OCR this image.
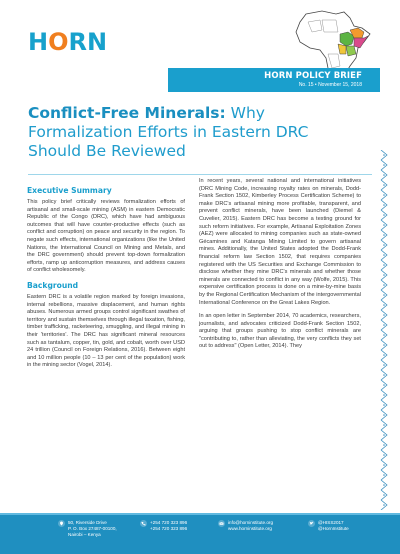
HORN
HORN POLICY BRIEF
No. 15 • November 15, 2018
Conflict-Free Minerals: Why
Formalization Efforts in Eastern DRC
Should Be Reviewed
Executive Summary

This policy brief critically reviews formalization efforts of artisanal and small-scale mining (ASM) in eastern Democratic Republic of the Congo (DRC), which have had ambiguous outcomes that will have counter-productive effects (such as conflict and corruption) on peace and security in the region. To negate such effects, international organizations (like the United Nations, the International Council on Mining and Metals, and the DRC government) should prevent top-down formalization efforts, ramp up anticorruption measures, and address causes of conflict wholesomely.

Background

Eastern DRC is a volatile region marked by foreign invasions, internal rebellions, massive displacement, and human rights abuses. Numerous armed groups control significant swathes of territory and sustain themselves through illegal taxation, fishing, timber trafficking, racketeering, smuggling, and illegal mining in their 'territories'. The DRC has significant mineral resources such as tantalum, copper, tin, gold, and cobalt, worth over USD 24 trillion (Council on Foreign Relations, 2016). Between eight and 10 million people (10 – 13 per cent of the population) work in the mining sector (Vogel, 2014).

In recent years, several national and international initiatives (DRC Mining Code, increasing royalty rates on minerals, Dodd-Frank Section 1502, Kimberley Process Certification Scheme) to make DRC's artisanal mining more profitable, transparent, and prevent conflict minerals, have been launched (Diemel & Cuvelier, 2015). Eastern DRC has become a testing ground for such reform initiatives. For example, Artisanal Exploitation Zones (AEZ) were allocated to mining companies such as state-owned Gécamines and Katanga Mining Limited to govern artisanal mines. Additionally, the United States adopted the Dodd-Frank financial reform law Section 1502, that requires companies registered with the US Securities and Exchange Commission to disclose whether they mine DRC's minerals and whether those minerals are connected to conflict in any way (Wolfe, 2015). This expensive certification process is done on a mine-by-mine basis by the Regional Certification Mechanism of the intergovernmental International Conference on the Great Lakes Region.

In an open letter in September 2014, 70 academics, researchers, journalists, and advocates criticized Dodd-Frank Section 1502, arguing that groups pushing to stop conflict minerals are "contributing to, rather than alleviating, the very conflicts they set out to address" (Open Letter, 2014). They

50, Riverside Drive
P. O. Box 27487-00100,
Nairobi – Kenya
+254 720 323 896
+254 720 323 896
info@horninstitute.org
www.horninstitute.org
@HISS2017
@HornInstitute
